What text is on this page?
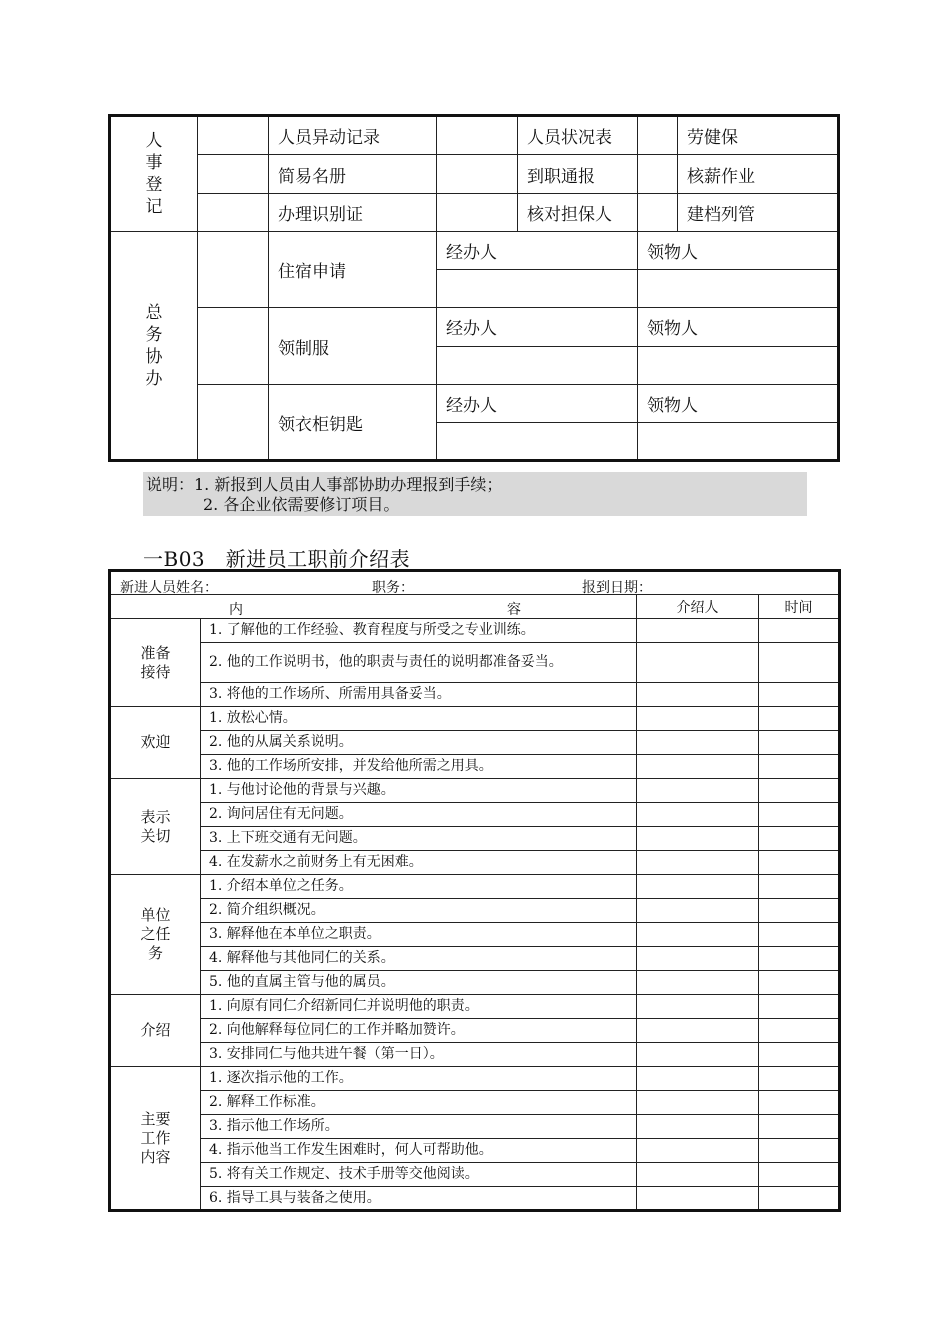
人事登记		人员异动记录		人员状况表		劳健保
		简易名册		到职通报		核薪作业
		办理识别证		核对担保人		建档列管

总务协办		住宿申请	经办人		领物人	

		领制服	经办人		领物人	

		领衣柜钥匙	经办人		领物人	

说明：1. 新报到人员由人事部协助办理报到手续；
2. 各企业依需要修订项目。
一B03　新进员工职前介绍表
新进人员姓名： 职务： 报到日期：			

内 容		介绍人	时间

准备接待	1. 了解他的工作经验、教育程度与所受之专业训练。		
	2. 他的工作说明书，他的职责与责任的说明都准备妥当。		
	3. 将他的工作场所、所需用具备妥当。		
欢迎	1. 放松心情。		
	2. 他的从属关系说明。		
	3. 他的工作场所安排，并发给他所需之用具。		

表示关切	1. 与他讨论他的背景与兴趣。		
	2. 询问居住有无问题。		
	3. 上下班交通有无问题。		
	4. 在发薪水之前财务上有无困难。		

单位之任务	1. 介绍本单位之任务。		
	2. 简介组织概况。		
	3. 解释他在本单位之职责。		
	4. 解释他与其他同仁的关系。		
	5. 他的直属主管与他的属员。		
介绍	1. 向原有同仁介绍新同仁并说明他的职责。		
	2. 向他解释每位同仁的工作并略加赞许。		
	3. 安排同仁与他共进午餐（第一日）。		

主要工作内容	1. 逐次指示他的工作。		
	2. 解释工作标准。		
	3. 指示他工作场所。		
	4. 指示他当工作发生困难时，何人可帮助他。		
	5. 将有关工作规定、技术手册等交他阅读。		
	6. 指导工具与装备之使用。		
